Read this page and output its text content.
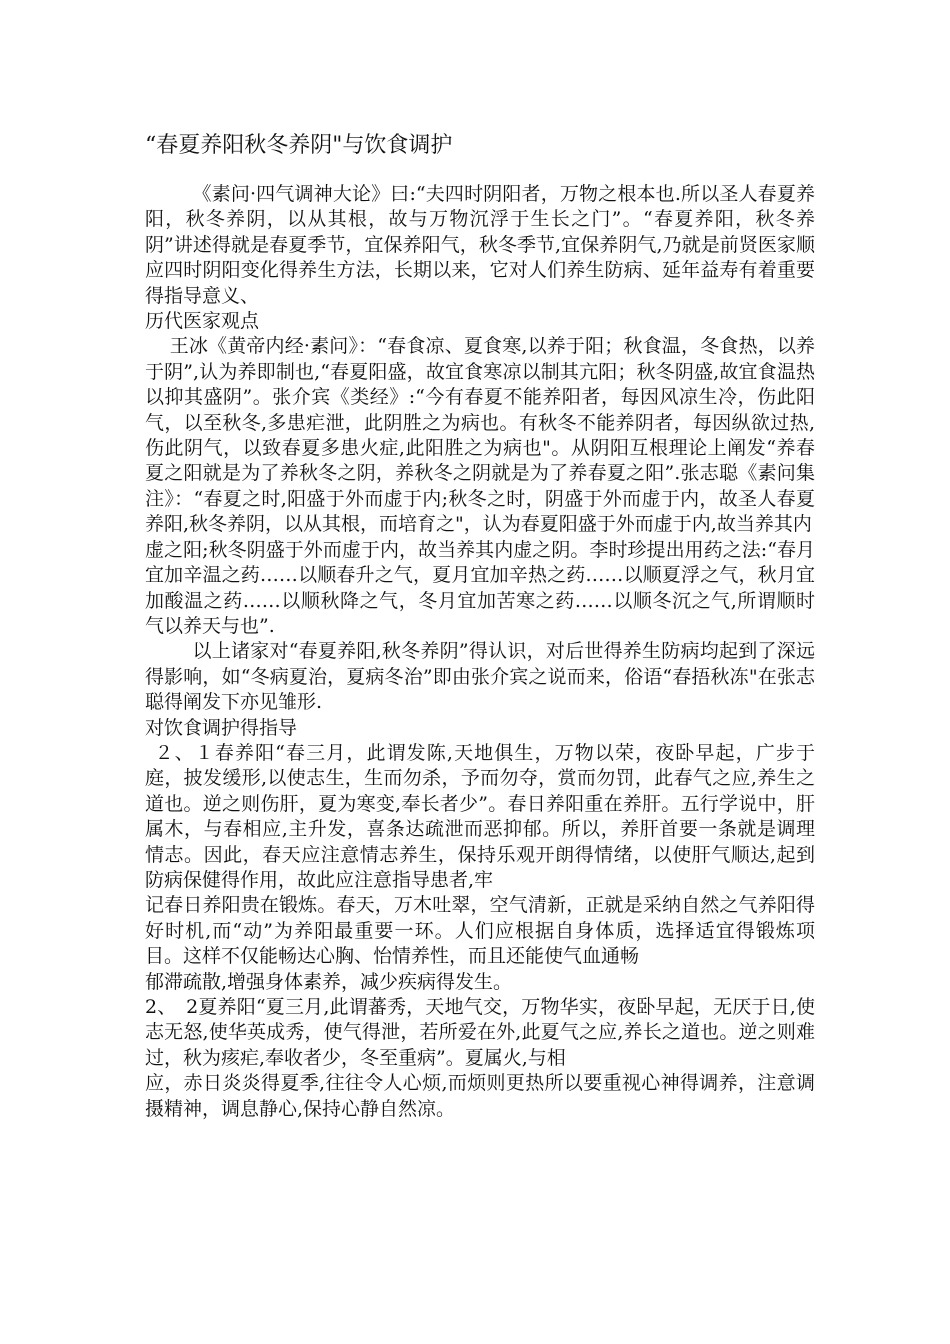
“春夏养阳秋冬养阴"与饮食调护

《素问·四气调神大论》曰:“夫四时阴阳者，万物之根本也.所以圣人春夏养阳，秋冬养阴，以从其根，故与万物沉浮于生长之门”。“春夏养阳，秋冬养阴”讲述得就是春夏季节，宜保养阳气，秋冬季节,宜保养阴气,乃就是前贤医家顺应四时阴阳变化得养生方法，长期以来，它对人们养生防病、延年益寿有着重要得指导意义、

历代医家观点

王冰《黄帝内经·素问》：“春食凉、夏食寒,以养于阳；秋食温，冬食热，以养于阴”,认为养即制也,“春夏阳盛，故宜食寒凉以制其亢阳；秋冬阴盛,故宜食温热以抑其盛阴”。张介宾《类经》:“今有春夏不能养阳者，每因风凉生冷，伤此阳气，以至秋冬,多患疟泄，此阴胜之为病也。有秋冬不能养阴者，每因纵欲过热,伤此阴气，以致春夏多患火症,此阳胜之为病也"。从阴阳互根理论上阐发“养春夏之阳就是为了养秋冬之阴，养秋冬之阴就是为了养春夏之阳”.张志聪《素问集注》：“春夏之时,阳盛于外而虚于内;秋冬之时，阴盛于外而虚于内，故圣人春夏养阳,秋冬养阴，以从其根，而培育之"，认为春夏阳盛于外而虚于内,故当养其内

虚之阳;秋冬阴盛于外而虚于内，故当养其内虚之阴。李时珍提出用药之法:“春月宜加辛温之药……以顺春升之气，夏月宜加辛热之药……以顺夏浮之气，秋月宜加酸温之药……以顺秋降之气，冬月宜加苦寒之药……以顺冬沉之气,所谓顺时气以养天与也”.

以上诸家对“春夏养阳,秋冬养阴”得认识，对后世得养生防病均起到了深远得影响，如“冬病夏治，夏病冬治”即由张介宾之说而来，俗语“春捂秋冻"在张志聪得阐发下亦见雏形.

对饮食调护得指导

２、１春养阳“春三月，此谓发陈,天地俱生，万物以荣，夜卧早起，广步于庭，披发缓形,以使志生，生而勿杀，予而勿夺，赏而勿罚，此春气之应,养生之道也。逆之则伤肝，夏为寒变,奉长者少”。春日养阳重在养肝。五行学说中，肝属木，与春相应,主升发，喜条达疏泄而恶抑郁。所以，养肝首要一条就是调理情志。因此，春天应注意情志养生，保持乐观开朗得情绪，以使肝气顺达,起到防病保健得作用，故此应注意指导患者,牢

记春日养阳贵在锻炼。春天，万木吐翠，空气清新，正就是采纳自然之气养阳得好时机,而“动”为养阳最重要一环。人们应根据自身体质，选择适宜得锻炼项目。这样不仅能畅达心胸、怡情养性，而且还能使气血通畅

郁滞疏散,增强身体素养，减少疾病得发生。

2、　2夏养阳“夏三月,此谓蕃秀，天地气交，万物华实，夜卧早起，无厌于日,使志无怒,使华英成秀，使气得泄，若所爱在外,此夏气之应,养长之道也。逆之则难过，秋为痎疟,奉收者少，冬至重病”。夏属火,与相

应，赤日炎炎得夏季,往往令人心烦,而烦则更热所以要重视心神得调养，注意调摄精神，调息静心,保持心静自然凉。
